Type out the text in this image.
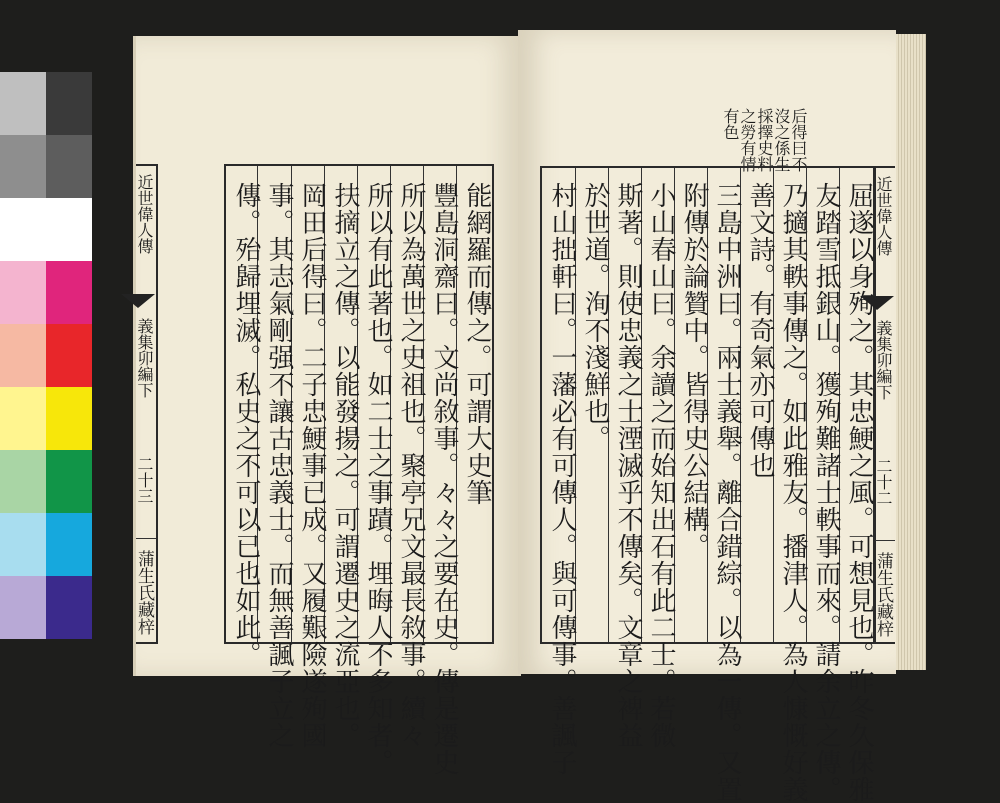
能網羅而傳之。可謂大史筆
豐島洞齋曰。文尚敘事。々々之要在史。傳是遷史
所以為萬世之史祖也。聚亭兄文最長敘事。續々
所以有此著也。如二士之事蹟。埋晦人不多知者。
扶摘立之傳。以能發揚之。可謂遷史之流亞也。
岡田后得曰。二子忠鯁事已成。又履艱險遂殉國
事。其志氣剛强不讓古忠義士。而無善諷子立之
傳。殆歸埋滅。私史之不可以已也如此。
近世偉人傳
義集卯編下
二十三
蒲生氏藏梓
后得曰不
沒之係生
採擇史料
之勞有情
有色
屈遂以身殉之。其忠鯁之風。可想見也。昨冬久保雅
友踏雪抵銀山。獲殉難諸士軼事而來。請余立之傳。
乃擿其軼事傳之。如此雅友。播津人。為人慷慨好義
善文詩。有奇氣亦可傳也
三島中洲曰。兩士義舉。離合錯綜。以為一傳。又置
附傳於論贊中。皆得史公結構。
小山春山曰。余讀之而始知出石有此二士。若微
斯著。則使忠義之士湮滅乎不傳矣。文章之裨益
於世道。洵不淺鮮也。
村山拙軒曰。一藩必有可傳人。與可傳事。善諷子	近世偉人傳
義集卯編下
二十二
蒲生氏藏梓
